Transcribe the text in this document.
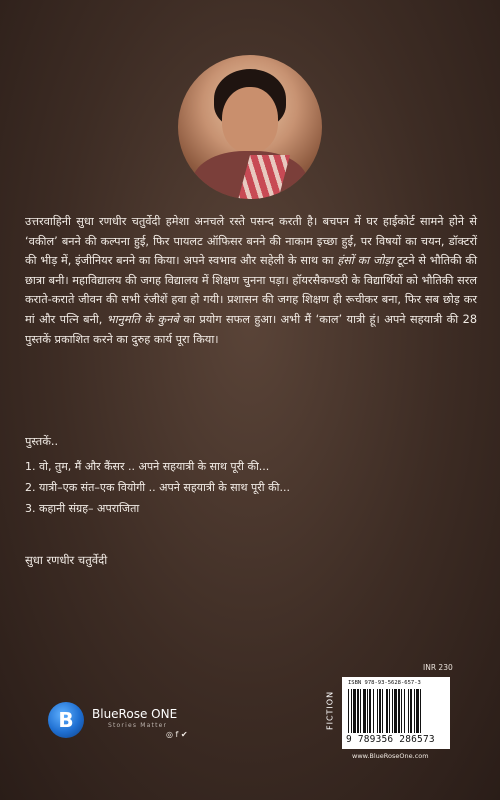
उत्तरवाहिनी सुधा रणधीर चतुर्वेदी हमेशा अनचले रस्ते पसन्द करती है। बचपन में घर हाईकोर्ट सामने होने से ‘वकील’ बनने की कल्पना हुई, फिर पायलट ऑफिसर बनने की नाकाम इच्छा हुई, पर विषयों का चयन, डॉक्टरों की भीड़ में, इंजीनियर बनने का किया। अपने स्वभाव और सहेली के साथ का हंसों का जोड़ा टूटने से भौतिकी की छात्रा बनी। महाविद्यालय की जगह विद्यालय में शिक्षण चुनना पड़ा। हॉयरसैकण्डरी के विद्यार्थियों को भौतिकी सरल कराते-कराते जीवन की सभी रंजीशें हवा हो गयी। प्रशासन की जगह शिक्षण ही रूचीकर बना, फिर सब छोड़ कर मां और पत्नि बनी, भानुमति के कुनबे का प्रयोग सफल हुआ। अभी मैं ‘काल’ यात्री हूं। अपने सहयात्री की 28 पुस्तकें प्रकाशित करने का दुरुह कार्य पूरा किया।

पुस्तकें..
1. वो, तुम, मैं और कैंसर .. अपने सहयात्री के साथ पूरी की...
2. यात्री–एक संत–एक वियोगी .. अपने सहयात्री के साथ पूरी की...
3. कहानी संग्रह– अपराजिता
सुधा रणधीर चतुर्वेदी
B	BlueRose ONE
Stories Matter
◎ f ✔
INR 230
FICTION
ISBN 978-93-5628-657-3
9 789356 286573
www.BlueRoseOne.com
